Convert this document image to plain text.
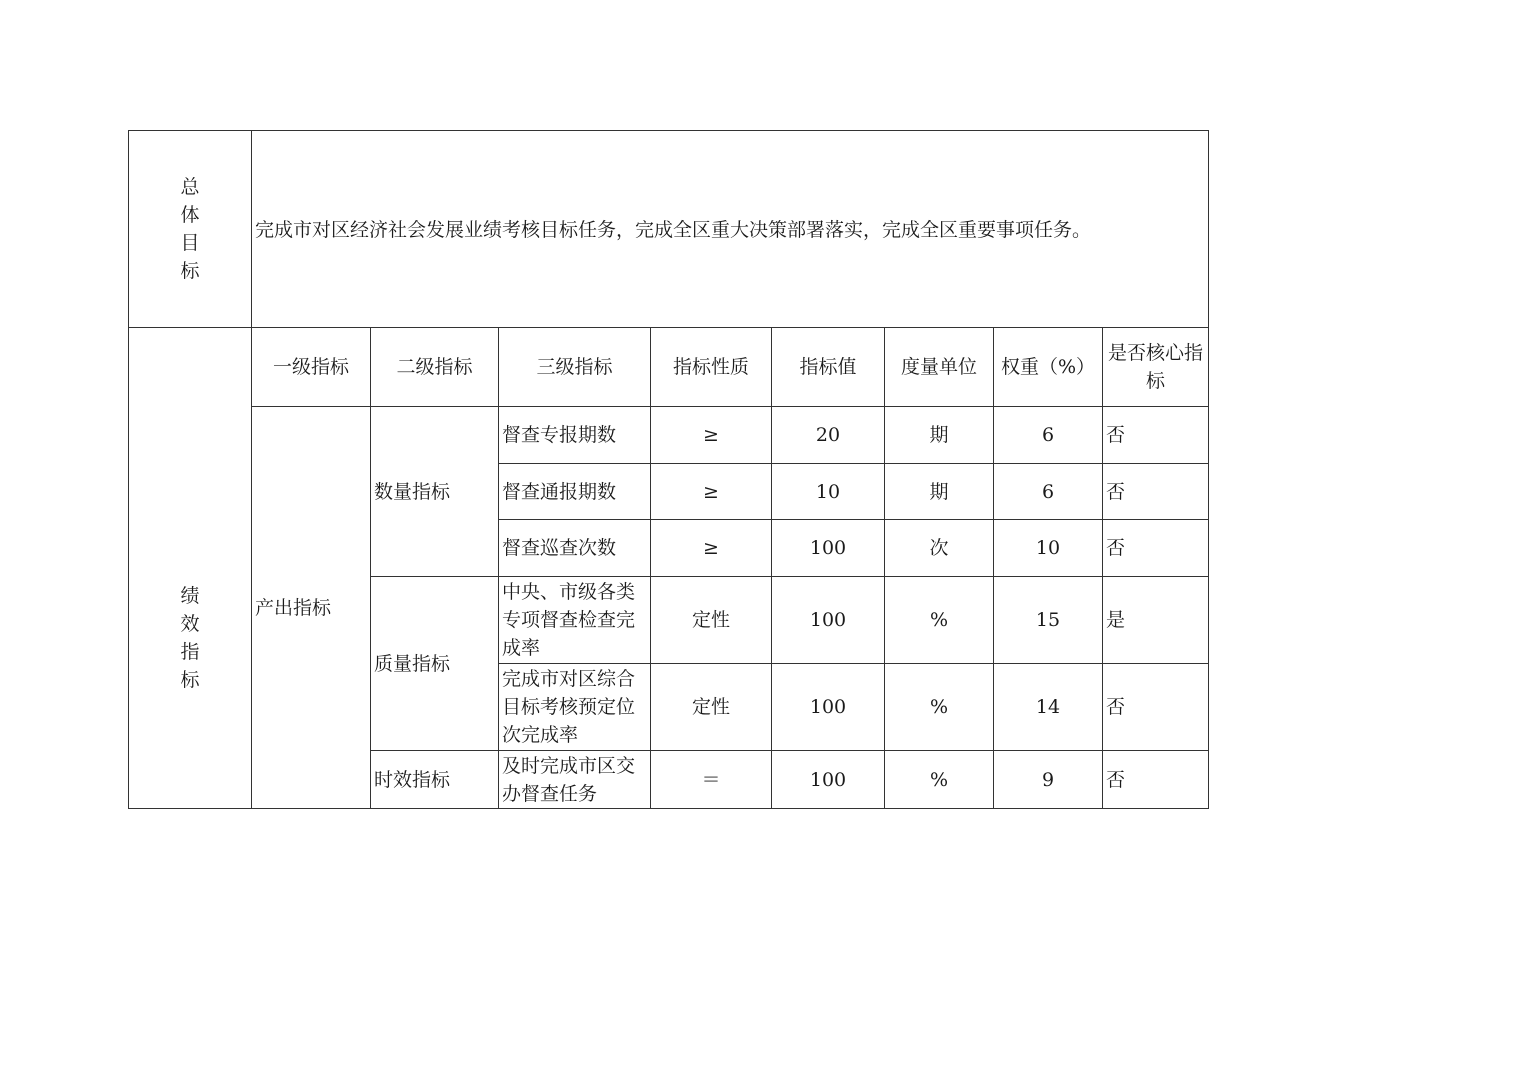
总
体
目
标	完成市对区经济社会发展业绩考核目标任务，完成全区重大决策部署落实，完成全区重要事项任务。							

绩
效
指
标	一级指标	二级指标	三级指标	指标性质	指标值	度量单位	权重（%）	是否核心指标
	产出指标	数量指标	督查专报期数	≥	20	期	6	否
			督查通报期数	≥	10	期	6	否
			督查巡查次数	≥	100	次	10	否
		质量指标	中央、市级各类专项督查检查完成率	定性	100	%	15	是
			完成市对区综合目标考核预定位次完成率	定性	100	%	14	否
		时效指标	及时完成市区交办督查任务	＝	100	%	9	否
